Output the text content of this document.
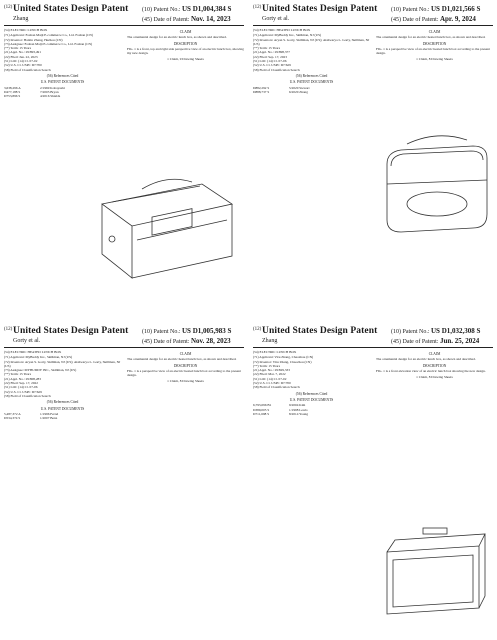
(12) United States Design Patent
Zhang
(10) Patent No.: US D1,004,384 S
(45) Date of Patent: Nov. 14, 2023
(54) ELECTRIC LUNCH BOX
(71) Applicant: Foshan Maiji E-commerce Co., Ltd. Foshan (CN)
(72) Inventor: Haixin Zhang, Hezhou (CN)
(73) Assignee: Foshan Maiji E-commerce Co., Ltd. Foshan (CN)
(**) Term: 15 Years
(21) Appl. No.: 29/893,491
(22) Filed: Jun. 22, 2023
(51) LOC (14) Cl. 07-02
(52) U.S. Cl. USPC D7/700
(58) Field of Classification Search
(56) References Cited
U.S. PATENT DOCUMENTS
3,638,296 A	2/1969 Kobayashi
D477,188 S	7/2003 Bryan
D753,896 S	4/2016 Shields
CLAIM
The ornamental design for an electric lunch box, as shown and described.
DESCRIPTION
FIG. 1 is a front, top and right side perspective view of an electric lunch box, showing my new design.
1 Claim, 9 Drawing Sheets
(12) United States Design Patent
Gorty et al.
(10) Patent No.: US D1,021,566 S
(45) Date of Patent: Apr. 9, 2024
(54) ELECTRIC HEATED LUNCH BOX
(71) Applicant: MyBuddy Inc., Skillman, NJ (US)
(72) Inventors: Aryan S. Gorty, Skillman, NJ (US); Aishwarya L. Gorty, Skillman, NJ (US)
(**) Term: 15 Years
(21) Appl. No.: 29/898,377
(22) Filed: Sep. 17, 2023
(51) LOC (14) Cl. 07-06
(52) U.S. Cl. USPC D7/629
(58) Field of Classification Search
(56) References Cited
U.S. PATENT DOCUMENTS
D882,292 S	5/2020 Stewart
D888,737 S	6/2020 Zhang
CLAIM
The ornamental design for an electric heated lunch box, as shown and described.
DESCRIPTION
FIG. 1 is a perspective view of an electric heated lunch box according to the present design.
1 Claim, 8 Drawing Sheets
(12) United States Design Patent
Gorty et al.
(10) Patent No.: US D1,005,983 S
(45) Date of Patent: Nov. 28, 2023
(54) ELECTRIC HEATED LUNCH BOX
(71) Applicant: MyBuddy Inc., Skillman, NJ (US)
(72) Inventors: Aryan S. Gorty, Skillman, NJ (US); Aishwarya L. Gorty, Skillman, NJ (US)
(73) Assignee: MYBUDDY INC., Skillman, NJ (US)
(**) Term: 15 Years
(21) Appl. No.: 29/808,283
(22) Filed: Sep. 17, 2022
(51) LOC (14) Cl. 07-06
(52) U.S. Cl. USPC D7/629
(58) Field of Classification Search
(56) References Cited
U.S. PATENT DOCUMENTS
5,487,372 A	1/1996 Ferrel
D534,374 S	1/2007 Benz
CLAIM
The ornamental design for an electric heated lunch box, as shown and described.
DESCRIPTION
FIG. 1 is a perspective view of an electric heated lunch box according to the present design.
1 Claim, 8 Drawing Sheets
(12) United States Design Patent
Zhang
(10) Patent No.: US D1,032,308 S
(45) Date of Patent: Jun. 25, 2024
(54) ELECTRIC LUNCH BOX
(71) Applicant: Viru Zhang, Chaozhou (CN)
(72) Inventor: Viru Zhang, Chaozhou (CN)
(**) Term: 15 Years
(21) Appl. No.: 29/829,333
(22) Filed: Mar. 7, 2022
(51) LOC (14) Cl. 07-02
(52) U.S. Cl. USPC D7/700
(58) Field of Classification Search
(56) References Cited
U.S. PATENT DOCUMENTS
6,793,096 B1	9/2004 Kim
D389,005 S	1/1998 Lewis
D711,698 S	8/2014 Young
CLAIM
The ornamental design for an electric lunch box, as shown and described.
DESCRIPTION
FIG. 1 is a front elevation view of an electric lunch box showing the new design.
1 Claim, 8 Drawing Sheets
